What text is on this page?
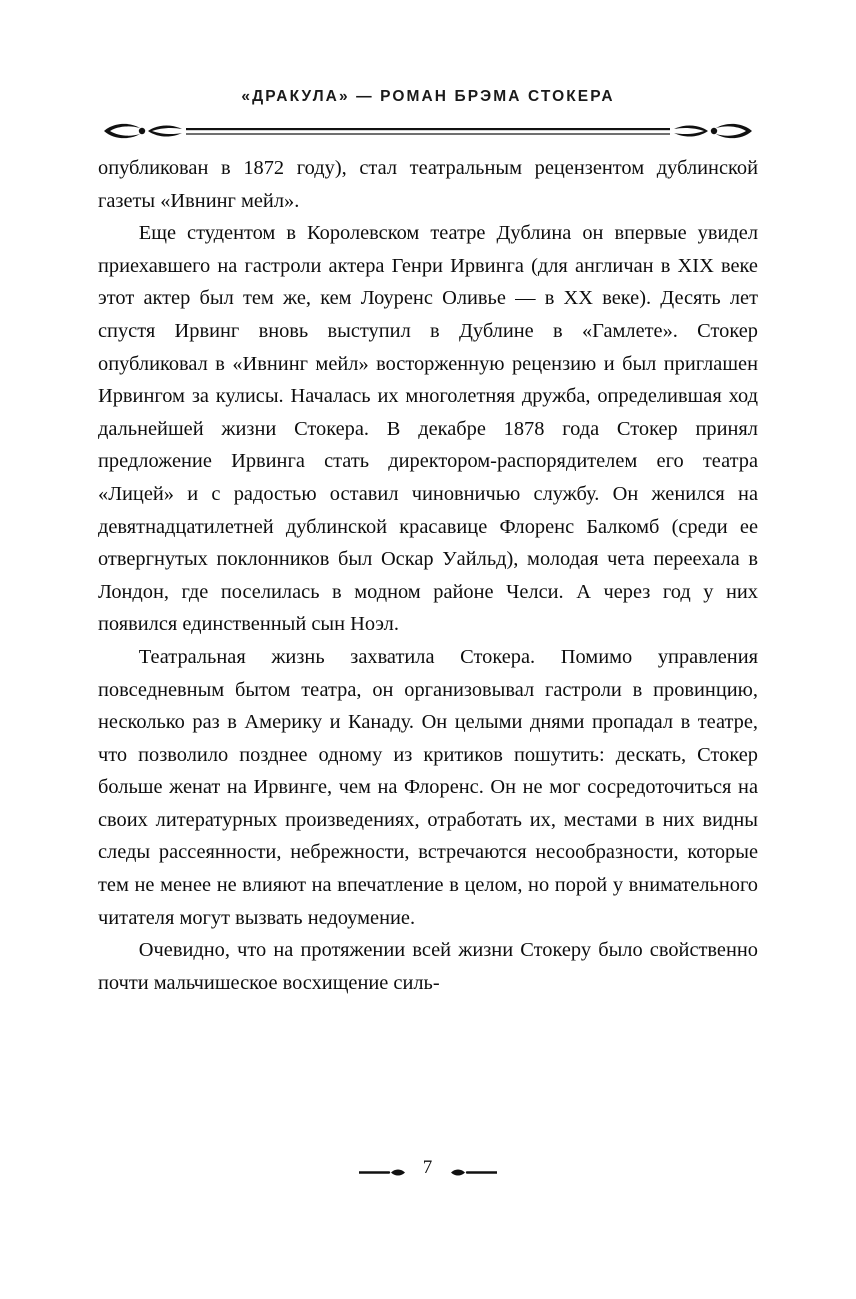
«ДРАКУЛА» — РОМАН БРЭМА СТОКЕРА

опубликован в 1872 году), стал театральным рецензентом дублинской газеты «Ивнинг мейл».

Еще студентом в Королевском театре Дублина он впервые увидел приехавшего на гастроли актера Генри Ирвинга (для англичан в XIX веке этот актер был тем же, кем Лоуренс Оливье — в XX веке). Десять лет спустя Ирвинг вновь выступил в Дублине в «Гамлете». Стокер опубликовал в «Ивнинг мейл» восторженную рецензию и был приглашен Ирвингом за кулисы. Началась их многолетняя дружба, определившая ход дальнейшей жизни Стокера. В декабре 1878 года Стокер принял предложение Ирвинга стать директором-распорядителем его театра «Лицей» и с радостью оставил чиновничью службу. Он женился на девятнадцатилетней дублинской красавице Флоренс Балкомб (среди ее отвергнутых поклонников был Оскар Уайльд), молодая чета переехала в Лондон, где поселилась в модном районе Челси. А через год у них появился единственный сын Ноэл.

Театральная жизнь захватила Стокера. Помимо управления повседневным бытом театра, он организовывал гастроли в провинцию, несколько раз в Америку и Канаду. Он целыми днями пропадал в театре, что позволило позднее одному из критиков пошутить: дескать, Стокер больше женат на Ирвинге, чем на Флоренс. Он не мог сосредоточиться на своих литературных произведениях, отработать их, местами в них видны следы рассеянности, небрежности, встречаются несообразности, которые тем не менее не влияют на впечатление в целом, но порой у внимательного читателя могут вызвать недоумение.

Очевидно, что на протяжении всей жизни Стокеру было свойственно почти мальчишеское восхищение силь-

7
